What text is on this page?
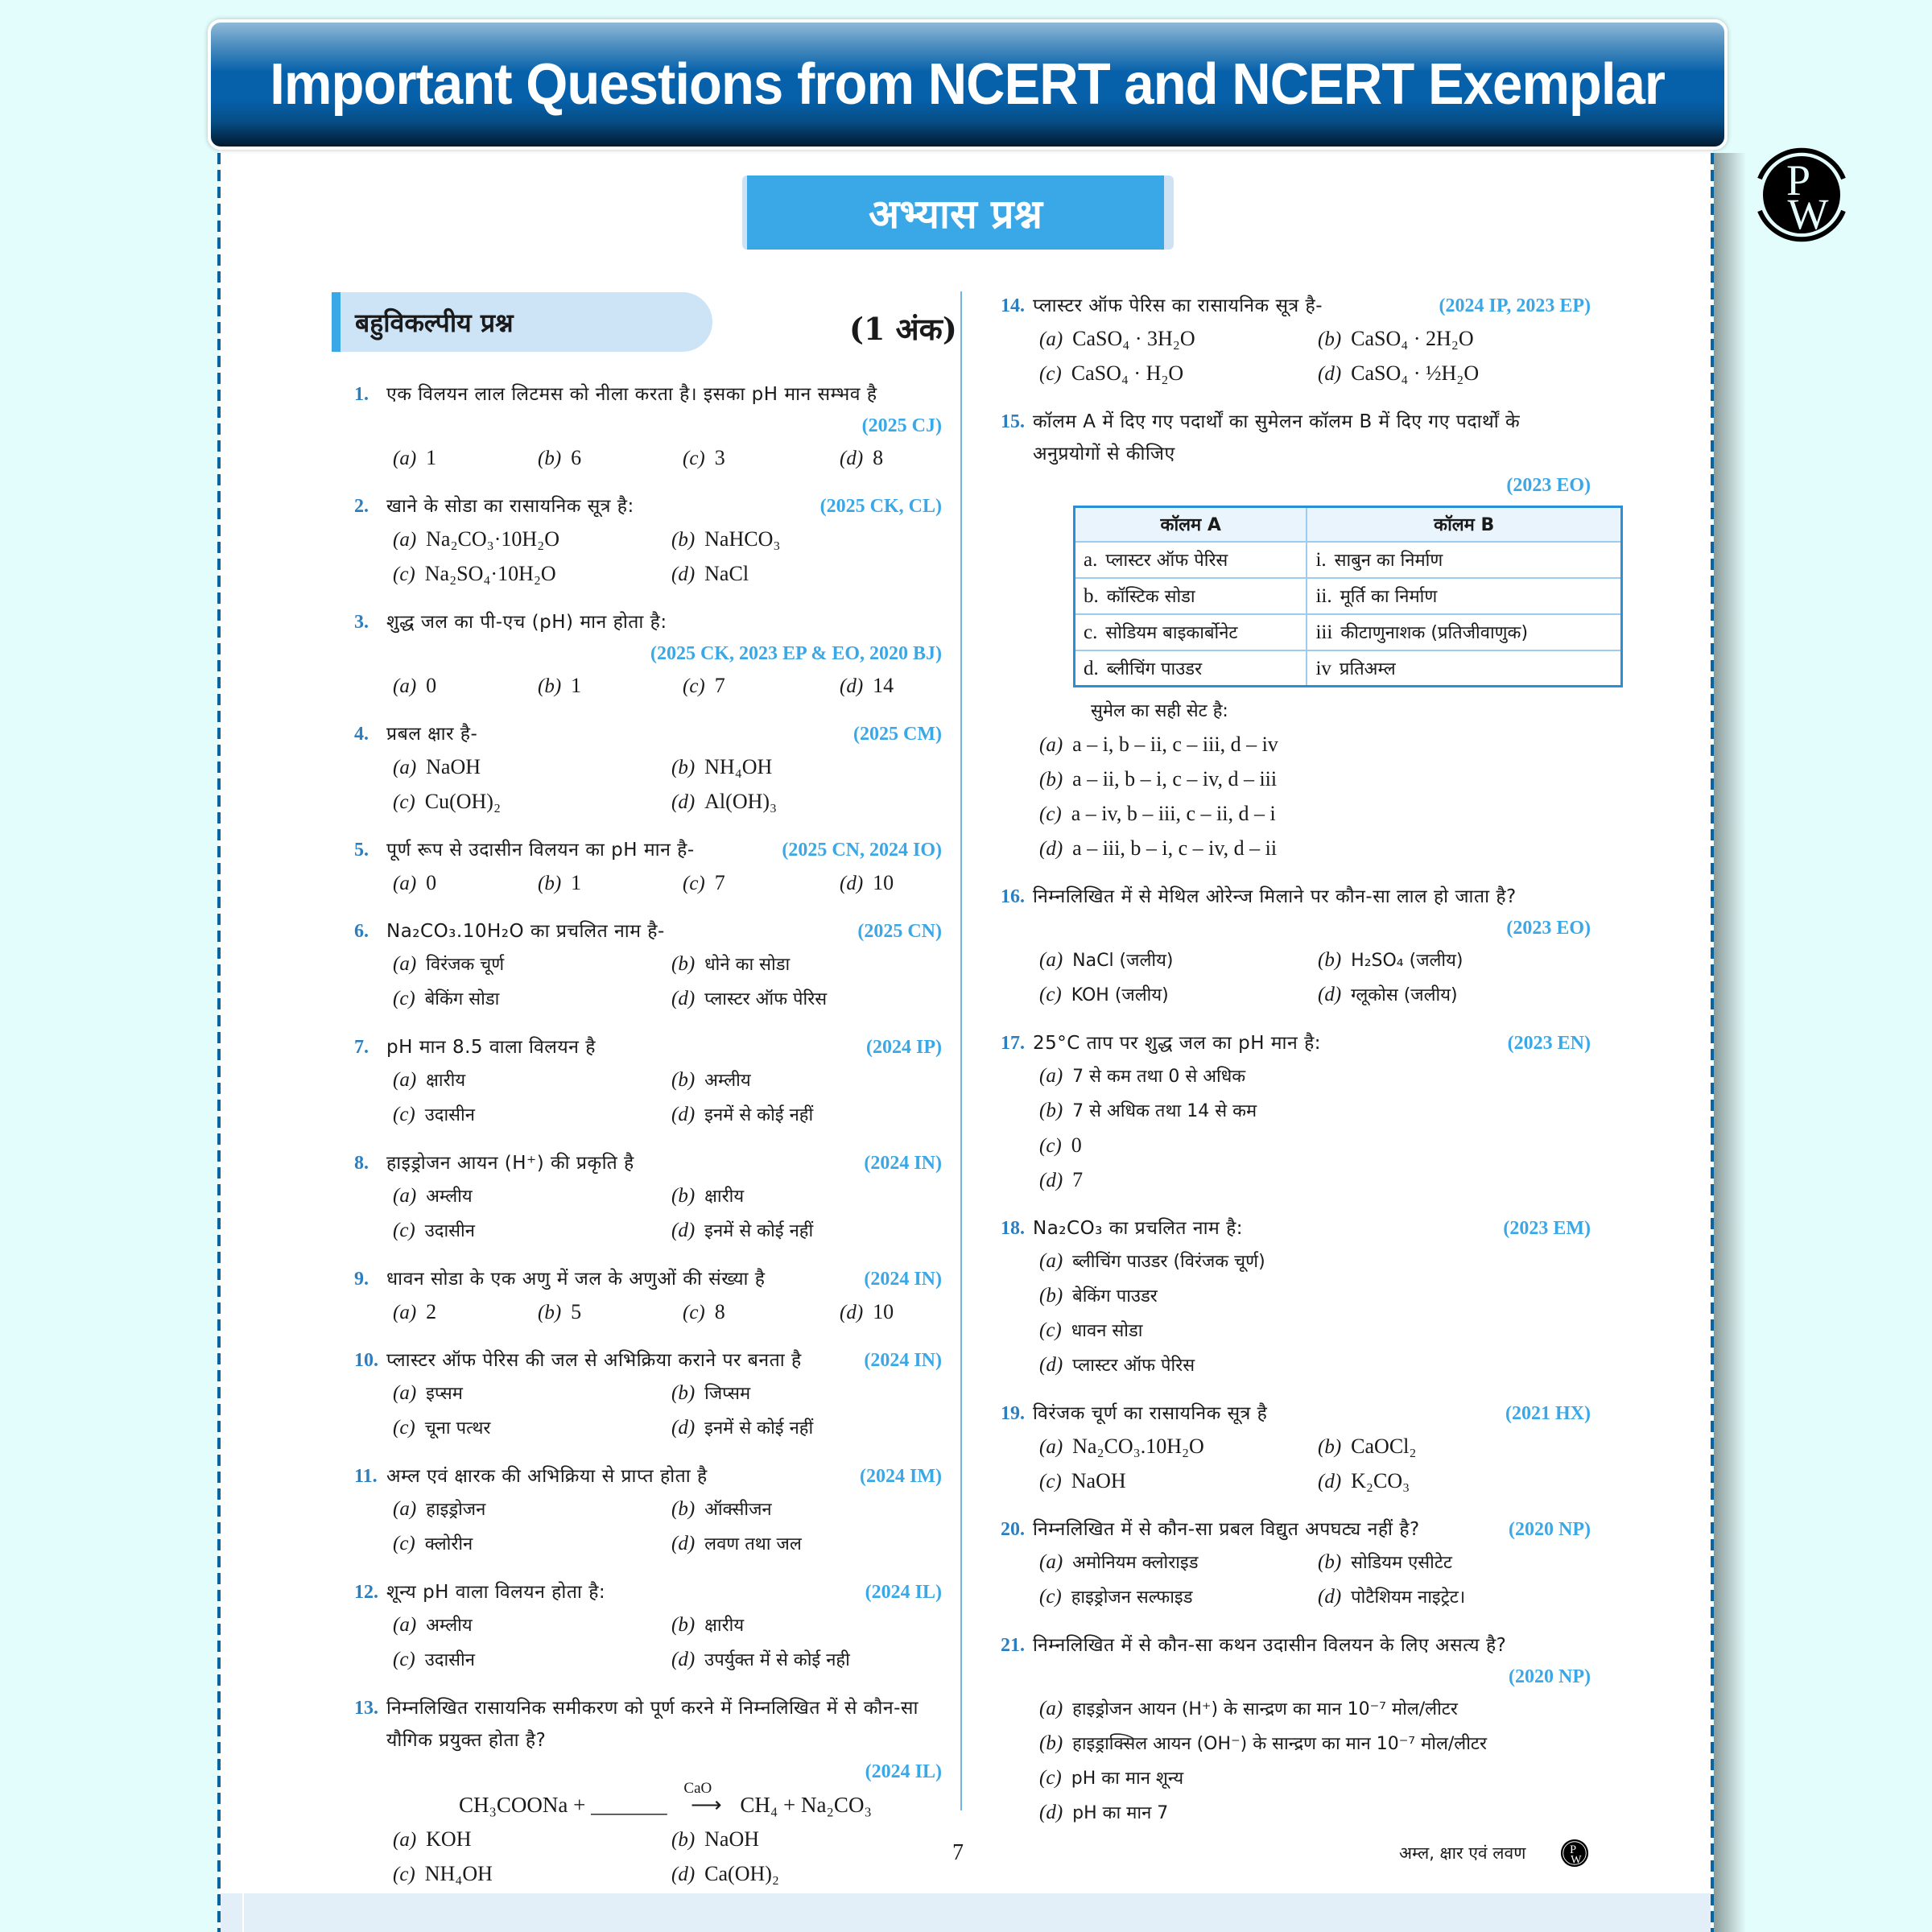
Important Questions from NCERT and NCERT Exemplar
P
W
अभ्यास प्रश्न
बहुविकल्पीय प्रश्न	(1 अंक)
1. एक विलयन लाल लिटमस को नीला करता है। इसका pH मान सम्भव है
(2025 CJ)
(a) 1	(b) 6	(c) 3	(d) 8
2. खाने के सोडा का रासायनिक सूत्र है:	(2025 CK, CL)
(a) Na₂CO₃·10H₂O	(b) NaHCO₃
(c) Na₂SO₄·10H₂O	(d) NaCl
3. शुद्ध जल का पी-एच (pH) मान होता है:
(2025 CK, 2023 EP & EO, 2020 BJ)
(a) 0	(b) 1	(c) 7	(d) 14
4. प्रबल क्षार है-	(2025 CM)
(a) NaOH	(b) NH₄OH
(c) Cu(OH)₂	(d) Al(OH)₃
5. पूर्ण रूप से उदासीन विलयन का pH मान है-	(2025 CN, 2024 IO)
(a) 0	(b) 1	(c) 7	(d) 10
6. Na₂CO₃.10H₂O का प्रचलित नाम है-	(2025 CN)
(a) विरंजक चूर्ण	(b) धोने का सोडा
(c) बेकिंग सोडा	(d) प्लास्टर ऑफ पेरिस
7. pH मान 8.5 वाला विलयन है	(2024 IP)
(a) क्षारीय	(b) अम्लीय
(c) उदासीन	(d) इनमें से कोई नहीं
8. हाइड्रोजन आयन (H⁺) की प्रकृति है	(2024 IN)
(a) अम्लीय	(b) क्षारीय
(c) उदासीन	(d) इनमें से कोई नहीं
9. धावन सोडा के एक अणु में जल के अणुओं की संख्या है	(2024 IN)
(a) 2	(b) 5	(c) 8	(d) 10
10. प्लास्टर ऑफ पेरिस की जल से अभिक्रिया कराने पर बनता है	(2024 IN)
(a) इप्सम	(b) जिप्सम
(c) चूना पत्थर	(d) इनमें से कोई नहीं
11. अम्ल एवं क्षारक की अभिक्रिया से प्राप्त होता है	(2024 IM)
(a) हाइड्रोजन	(b) ऑक्सीजन
(c) क्लोरीन	(d) लवण तथा जल
12. शून्य pH वाला विलयन होता है:	(2024 IL)
(a) अम्लीय	(b) क्षारीय
(c) उदासीन	(d) उपर्युक्त में से कोई नही
13. निम्नलिखित रासायनिक समीकरण को पूर्ण करने में निम्नलिखित में से कौन-सा यौगिक प्रयुक्त होता है?
(2024 IL)
CH₃COONa + _______
CaO
⟶ CH₄ + Na₂CO₃
(a) KOH	(b) NaOH
(c) NH₄OH	(d) Ca(OH)₂
14. प्लास्टर ऑफ पेरिस का रासायनिक सूत्र है-	(2024 IP, 2023 EP)
(a) CaSO₄ · 3H₂O	(b) CaSO₄ · 2H₂O
(c) CaSO₄ · H₂O	(d) CaSO₄ · ½H₂O
15. कॉलम A में दिए गए पदार्थों का सुमेलन कॉलम B में दिए गए पदार्थों के अनुप्रयोगों से कीजिए
(2023 EO)
कॉलम A	कॉलम B
a. प्लास्टर ऑफ पेरिस	i. साबुन का निर्माण
b. कॉस्टिक सोडा	ii. मूर्ति का निर्माण
c. सोडियम बाइकार्बोनेट	iii कीटाणुनाशक (प्रतिजीवाणुक)
d. ब्लीचिंग पाउडर	iv प्रतिअम्ल
सुमेल का सही सेट है:
(a) a – i, b – ii, c – iii, d – iv
(b) a – ii, b – i, c – iv, d – iii
(c) a – iv, b – iii, c – ii, d – i
(d) a – iii, b – i, c – iv, d – ii
16. निम्नलिखित में से मेथिल ओरेन्ज मिलाने पर कौन-सा लाल हो जाता है?
(2023 EO)
(a) NaCl (जलीय)	(b) H₂SO₄ (जलीय)
(c) KOH (जलीय)	(d) ग्लूकोस (जलीय)
17. 25°C ताप पर शुद्ध जल का pH मान है:	(2023 EN)
(a) 7 से कम तथा 0 से अधिक
(b) 7 से अधिक तथा 14 से कम
(c) 0
(d) 7
18. Na₂CO₃ का प्रचलित नाम है:	(2023 EM)
(a) ब्लीचिंग पाउडर (विरंजक चूर्ण)
(b) बेकिंग पाउडर
(c) धावन सोडा
(d) प्लास्टर ऑफ पेरिस
19. विरंजक चूर्ण का रासायनिक सूत्र है	(2021 HX)
(a) Na₂CO₃.10H₂O	(b) CaOCl₂
(c) NaOH	(d) K₂CO₃
20. निम्नलिखित में से कौन-सा प्रबल विद्युत अपघट्य नहीं है?	(2020 NP)
(a) अमोनियम क्लोराइड	(b) सोडियम एसीटेट
(c) हाइड्रोजन सल्फाइड	(d) पोटैशियम नाइट्रेट।
21. निम्नलिखित में से कौन-सा कथन उदासीन विलयन के लिए असत्य है?
(2020 NP)
(a) हाइड्रोजन आयन (H⁺) के सान्द्रण का मान 10⁻⁷ मोल/लीटर
(b) हाइड्राक्सिल आयन (OH⁻) के सान्द्रण का मान 10⁻⁷ मोल/लीटर
(c) pH का मान शून्य
(d) pH का मान 7
7	अम्ल, क्षार एवं लवण	P
W
